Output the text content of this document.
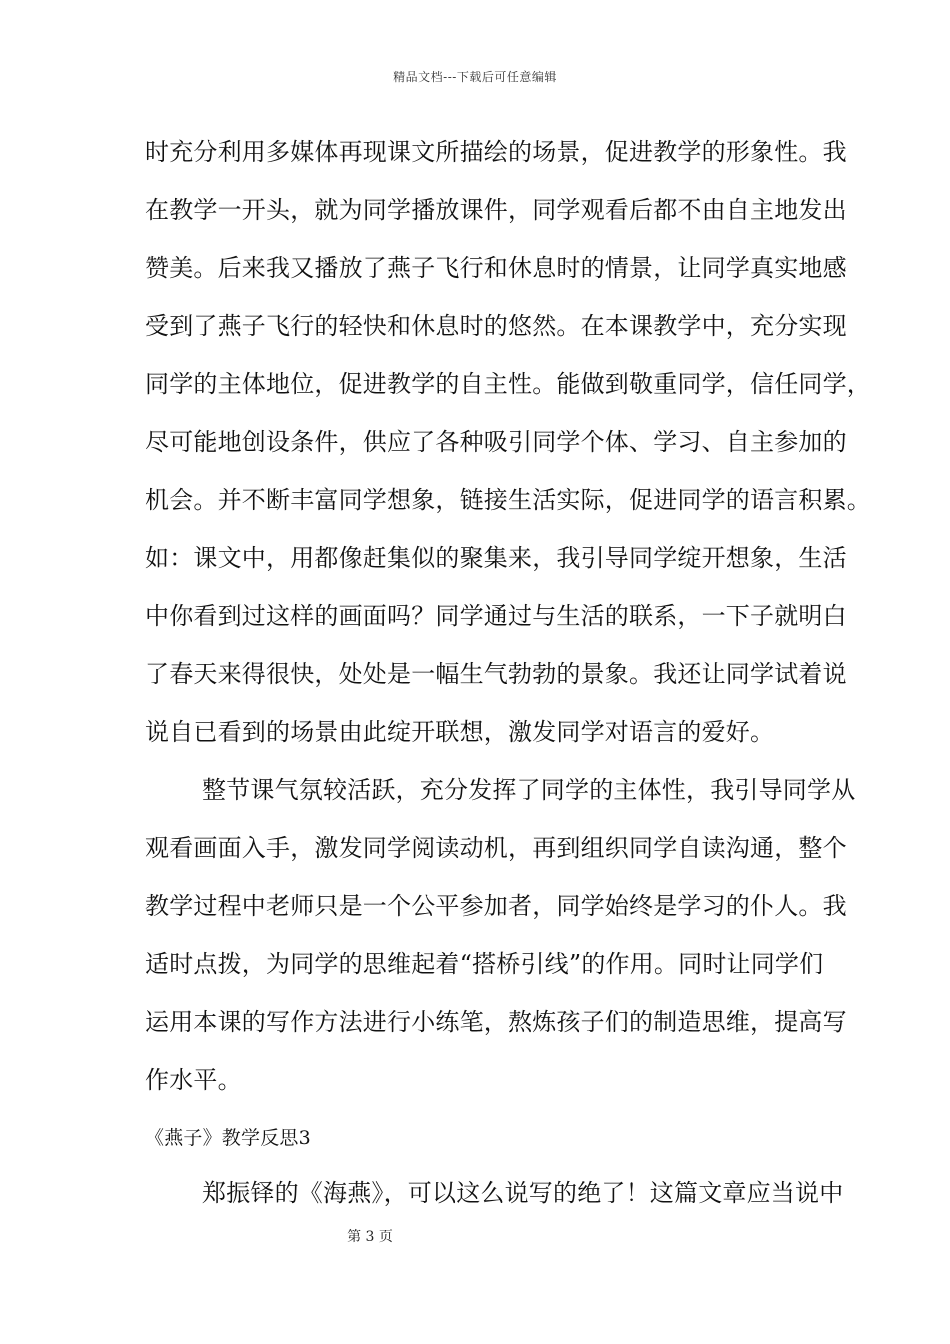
精品文档---下载后可任意编辑
时充分利用多媒体再现课文所描绘的场景，促进教学的形象性。我
在教学一开头，就为同学播放课件，同学观看后都不由自主地发出
赞美。后来我又播放了燕子飞行和休息时的情景，让同学真实地感
受到了燕子飞行的轻快和休息时的悠然。在本课教学中，充分实现
同学的主体地位，促进教学的自主性。能做到敬重同学，信任同学，
尽可能地创设条件，供应了各种吸引同学个体、学习、自主参加的
机会。并不断丰富同学想象，链接生活实际，促进同学的语言积累。
如：课文中，用都像赶集似的聚集来，我引导同学绽开想象，生活
中你看到过这样的画面吗？同学通过与生活的联系，一下子就明白
了春天来得很快，处处是一幅生气勃勃的景象。我还让同学试着说
说自已看到的场景由此绽开联想，激发同学对语言的爱好。
整节课气氛较活跃，充分发挥了同学的主体性，我引导同学从
观看画面入手，激发同学阅读动机，再到组织同学自读沟通，整个
教学过程中老师只是一个公平参加者，同学始终是学习的仆人。我
适时点拨，为同学的思维起着“搭桥引线”的作用。同时让同学们
运用本课的写作方法进行小练笔，熬炼孩子们的制造思维，提高写
作水平。
《燕子》教学反思3
郑振铎的《海燕》，可以这么说写的绝了！这篇文章应当说中
第 3 页
